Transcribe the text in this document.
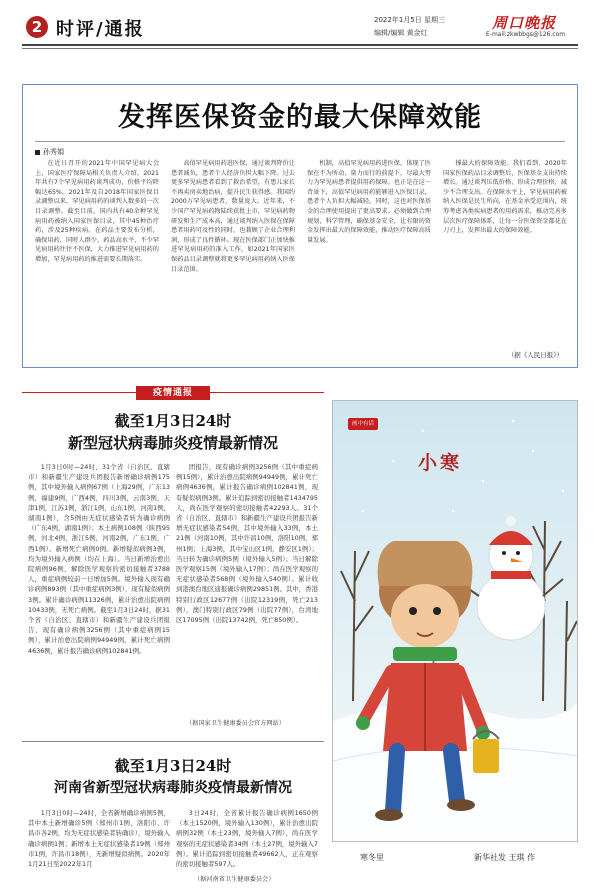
2 时评/通报	2022年1月5日 星期三
编辑/编辑 黄金红
周口晚报
E-mail:zkwbbgs@126.com
发挥医保资金的最大保障效能
孙秀娟
在近日召开的2021年中国罕见病大会上，国家医疗保障局相关负责人介绍，2021年共有7个罕见病用药谈判成功，价格平均降幅达65%。2021年及自2018年国家医保目录调整以来，罕见病用药的谈判人数多的一次目录调整。截至目前，国内共有40余种罕见病用药被纳入国家医保目录，其中45种治疗药，涉及25种疾病。在药品主要发布分析，确保用药，同时人群少，药品高水平，不少罕见病用药往往不医保，大力推进罕见病用药的增加，罕见病用药的推进需要长期落实。
高值罕见病用药进医保，通过谈判降价让患者减负，患者个人经济负担大幅下降。过去更多罕见病患者看到了救治希望，有患儿家长不再卖房卖地治病，提升民生获得感。我国约2000万罕见病患者，数量庞大。近年来，不少国产罕见病药物陆续获批上市，罕见病药物研发和生产成本高，通过谈判纳入医保在保障患者用药可及性的同时，也兼顾了企业合理利润，形成了良性循环。现在医保部门正加快推进罕见病用药的准入工作，如2021年国家医保药品目录调整就将更多罕见病用药纳入医保目录范围。
机制，高值罕见病用药进医保，体现了医保在不为所动、量力而行的前提下，尽最大努力为罕见病患者提供用药保障。也正是在这一背景下，高值罕见病用药能够进入医保目录，患者个人负担大幅减轻。同时，这也对医保基金的合理使用提出了更高要求。必须做到合理规划，科学管理，确保基金安全，让有限的资金发挥出最大的保障效能，推动医疗保障高质量发展。
撑最大的保障效能。我们看到，2020年国家医保药品目录调整后，医保基金支出持续增长。通过谈判压低价格，形成合理价格，减少不合理支出。在保障水平上，罕见病用药被纳入医保是民生所向，在基金承受范围内，统筹考虑各类疾病患者的用药需求，推动完善多层次医疗保障体系，让每一分医保资金都花在刀刃上，发挥出最大的保障效能。
（据《人民日报》）
疫情通报
截至1月3日24时
新型冠状病毒肺炎疫情最新情况
1月3日0时—24时，31个省（自治区、直辖市）和新疆生产建设兵团报告新增确诊病例175例，其中境外输入病例67例（上海29例，广东13例，福建9例，广西4例，四川3例，云南3例，天津1例，江苏1例，浙江1例，山东1例，河南1例，湖南1例），含5例由无症状感染者转为确诊病例（广东4例，湖南1例）；本土病例108例（陕西95例，河北4例，浙江5例，河南2例，广东1例，广西1例）。新增死亡病例0例。新增疑似病例3例，均为境外输入病例（均在上海）。当日新增治愈出院病例96例，解除医学观察的密切接触者3788人，重症病例较前一日增加5例。境外输入现有确诊病例893例（其中重症病例3例），现有疑似病例3例。累计确诊病例11326例，累计治愈出院病例10433例，无死亡病例。截至1月3日24时，据31个省（自治区、直辖市）和新疆生产建设兵团报告，现有确诊病例3256例（其中重症病例15例），累计治愈出院病例94949例，累计死亡病例4636例，累计报告确诊病例102841例。
团报告，现有确诊病例3256例（其中重症病例15例），累计治愈出院病例94949例，累计死亡病例4636例，累计报告确诊病例102841例，现有疑似病例3例。累计追踪到密切接触者1434795人，尚在医学观察的密切接触者42293人。31个省（自治区、直辖市）和新疆生产建设兵团报告新增无症状感染者54例，其中境外输入33例，本土21例（河南10例，其中许昌10例，洛阳10例，郑州1例；上海3例，其中宝山区1例，静安区1例）；当日转为确诊病例5例（境外输入5例）；当日解除医学观察15例（境外输入17例）；尚在医学观察的无症状感染者568例（境外输入540例）。累计收到港澳台地区通报确诊病例29851例。其中，香港特别行政区12677例（出院12319例，死亡213例），澳门特别行政区79例（出院77例），台湾地区17095例（出院13742例，死亡850例）。
（据国家卫生健康委员会官方网站）
截至1月3日24时
河南省新型冠状病毒肺炎疫情最新情况
1月3日0时—24时，全省新增确诊病例5例，其中本土新增确诊5例（郑州市1例，洛阳市、许昌市各2例，均为无症状感染者转确诊），境外输入确诊病例1例；新增本土无症状感染者19例（郑州市1例，许昌市18例），无新增疑似病例。2020年1月21日至2022年1月
3日24时，全省累计报告确诊病例1650例（本土1520例，境外输入130例），累计治愈出院病例32例（本土23例，境外输入7例），尚在医学观察的无症状感染者34例（本土27例，境外输入7例）。累计追踪到密切接触者49662人，正在观察的密切接触者597人。
（据河南省卫生健康委员会）
画中有话
小寒
寒冬里	新华社发 王琪 作
